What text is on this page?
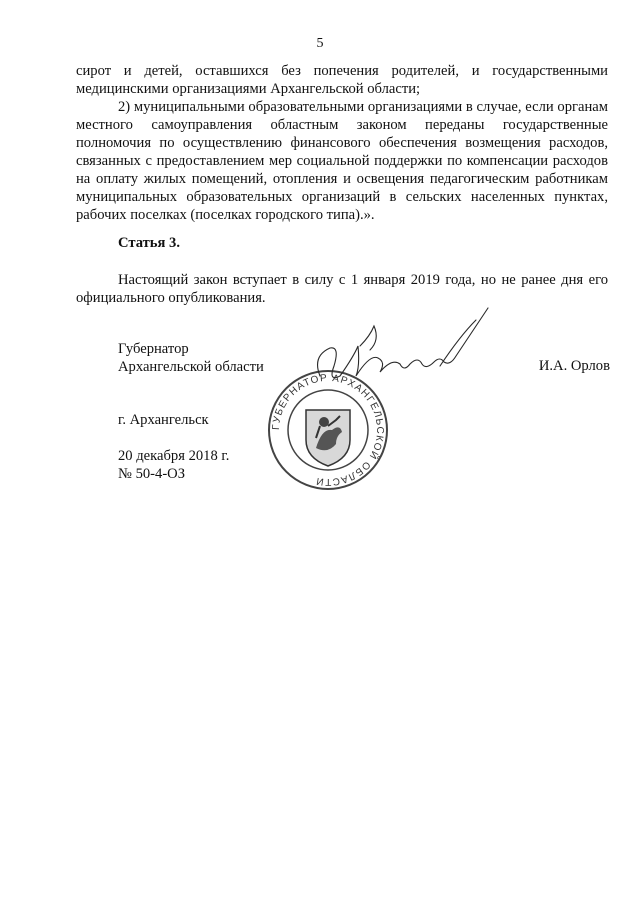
5
сирот и детей, оставшихся без попечения родителей, и государственными медицинскими организациями Архангельской области;
2) муниципальными образовательными организациями в случае, если органам местного самоуправления областным законом переданы государственные полномочия по осуществлению финансового обеспечения возмещения расходов, связанных с предоставлением мер социальной поддержки по компенсации расходов на оплату жилых помещений, отопления и освещения педагогическим работникам муниципальных образовательных организаций в сельских населенных пунктах, рабочих поселках (поселках городского типа).».
Статья 3.
Настоящий закон вступает в силу с 1 января 2019 года, но не ранее дня его официального опубликования.
Губернатор
Архангельской области	И.А. Орлов
ГУБЕРНАТОР АРХАНГЕЛЬСКОЙ ОБЛАСТИ
г. Архангельск
20 декабря 2018 г.
№ 50-4-ОЗ
